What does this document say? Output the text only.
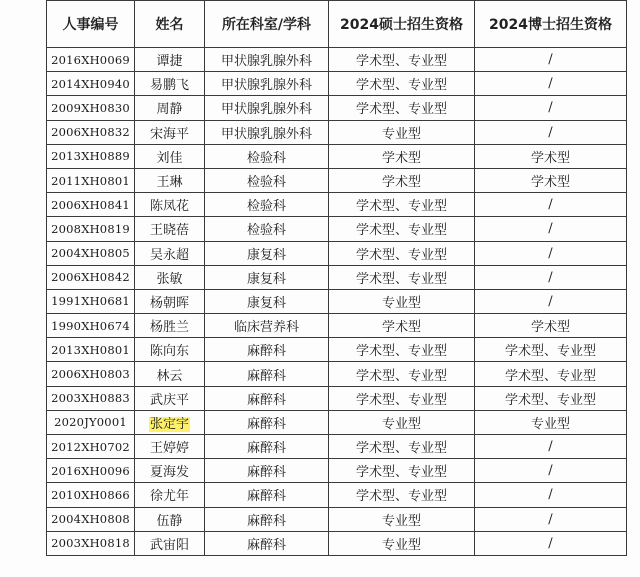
人事编号	姓名	所在科室/学科	2024硕士招生资格	2024博士招生资格
2016XH0069	谭捷	甲状腺乳腺外科	学术型、专业型	/
2014XH0940	易鹏飞	甲状腺乳腺外科	学术型、专业型	/
2009XH0830	周静	甲状腺乳腺外科	学术型、专业型	/
2006XH0832	宋海平	甲状腺乳腺外科	专业型	/
2013XH0889	刘佳	检验科	学术型	学术型
2011XH0801	王琳	检验科	学术型	学术型
2006XH0841	陈凤花	检验科	学术型、专业型	/
2008XH0819	王晓蓓	检验科	学术型、专业型	/
2004XH0805	吴永超	康复科	学术型、专业型	/
2006XH0842	张敏	康复科	学术型、专业型	/
1991XH0681	杨朝晖	康复科	专业型	/
1990XH0674	杨胜兰	临床营养科	学术型	学术型
2013XH0801	陈向东	麻醉科	学术型、专业型	学术型、专业型
2006XH0803	林云	麻醉科	学术型、专业型	学术型、专业型
2003XH0883	武庆平	麻醉科	学术型、专业型	学术型、专业型
2020JY0001	张定宇	麻醉科	专业型	专业型
2012XH0702	王婷婷	麻醉科	学术型、专业型	/
2016XH0096	夏海发	麻醉科	学术型、专业型	/
2010XH0866	徐尤年	麻醉科	学术型、专业型	/
2004XH0808	伍静	麻醉科	专业型	/
2003XH0818	武宙阳	麻醉科	专业型	/
